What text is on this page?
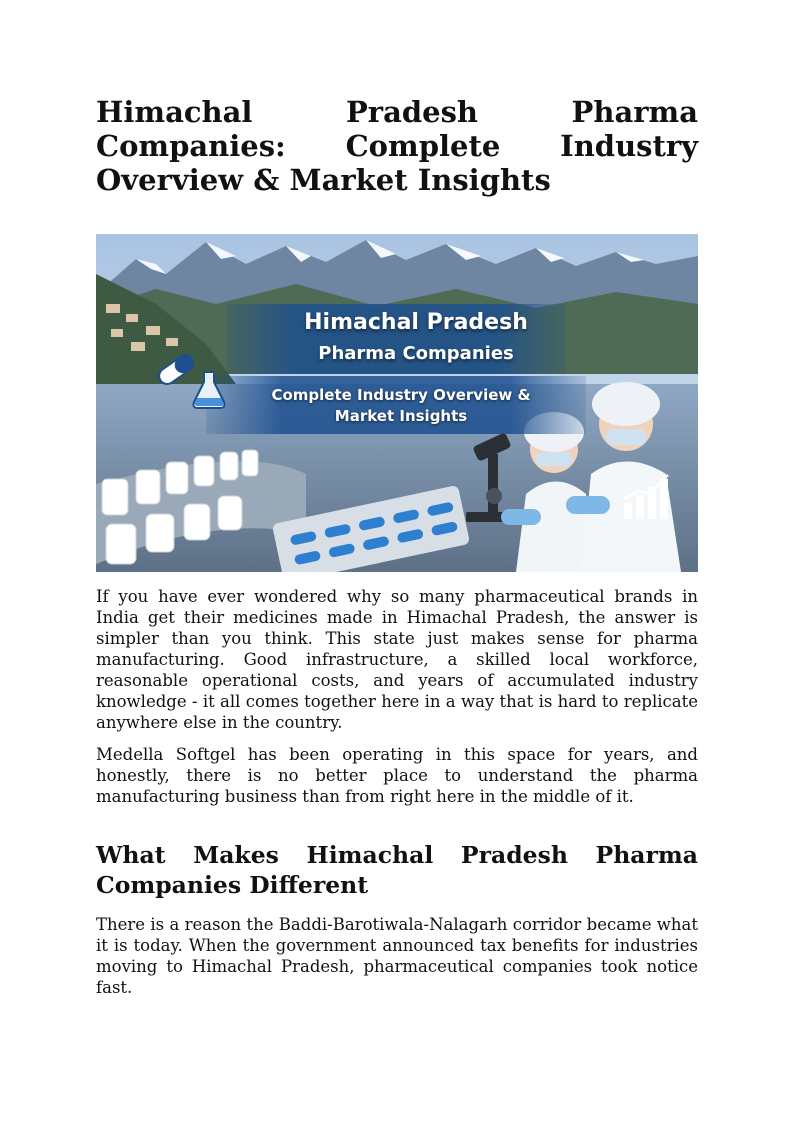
Himachal Pradesh Pharma Companies: Complete Industry Overview & Market Insights
Himachal Pradesh
Pharma Companies
Complete Industry Overview & Market Insights

If you have ever wondered why so many pharmaceutical brands in India get their medicines made in Himachal Pradesh, the answer is simpler than you think. This state just makes sense for pharma manufacturing. Good infrastructure, a skilled local workforce, reasonable operational costs, and years of accumulated industry knowledge - it all comes together here in a way that is hard to replicate anywhere else in the country.

Medella Softgel has been operating in this space for years, and honestly, there is no better place to understand the pharma manufacturing business than from right here in the middle of it.

What Makes Himachal Pradesh Pharma Companies Different

There is a reason the Baddi-Barotiwala-Nalagarh corridor became what it is today. When the government announced tax benefits for industries moving to Himachal Pradesh, pharmaceutical companies took notice fast.
